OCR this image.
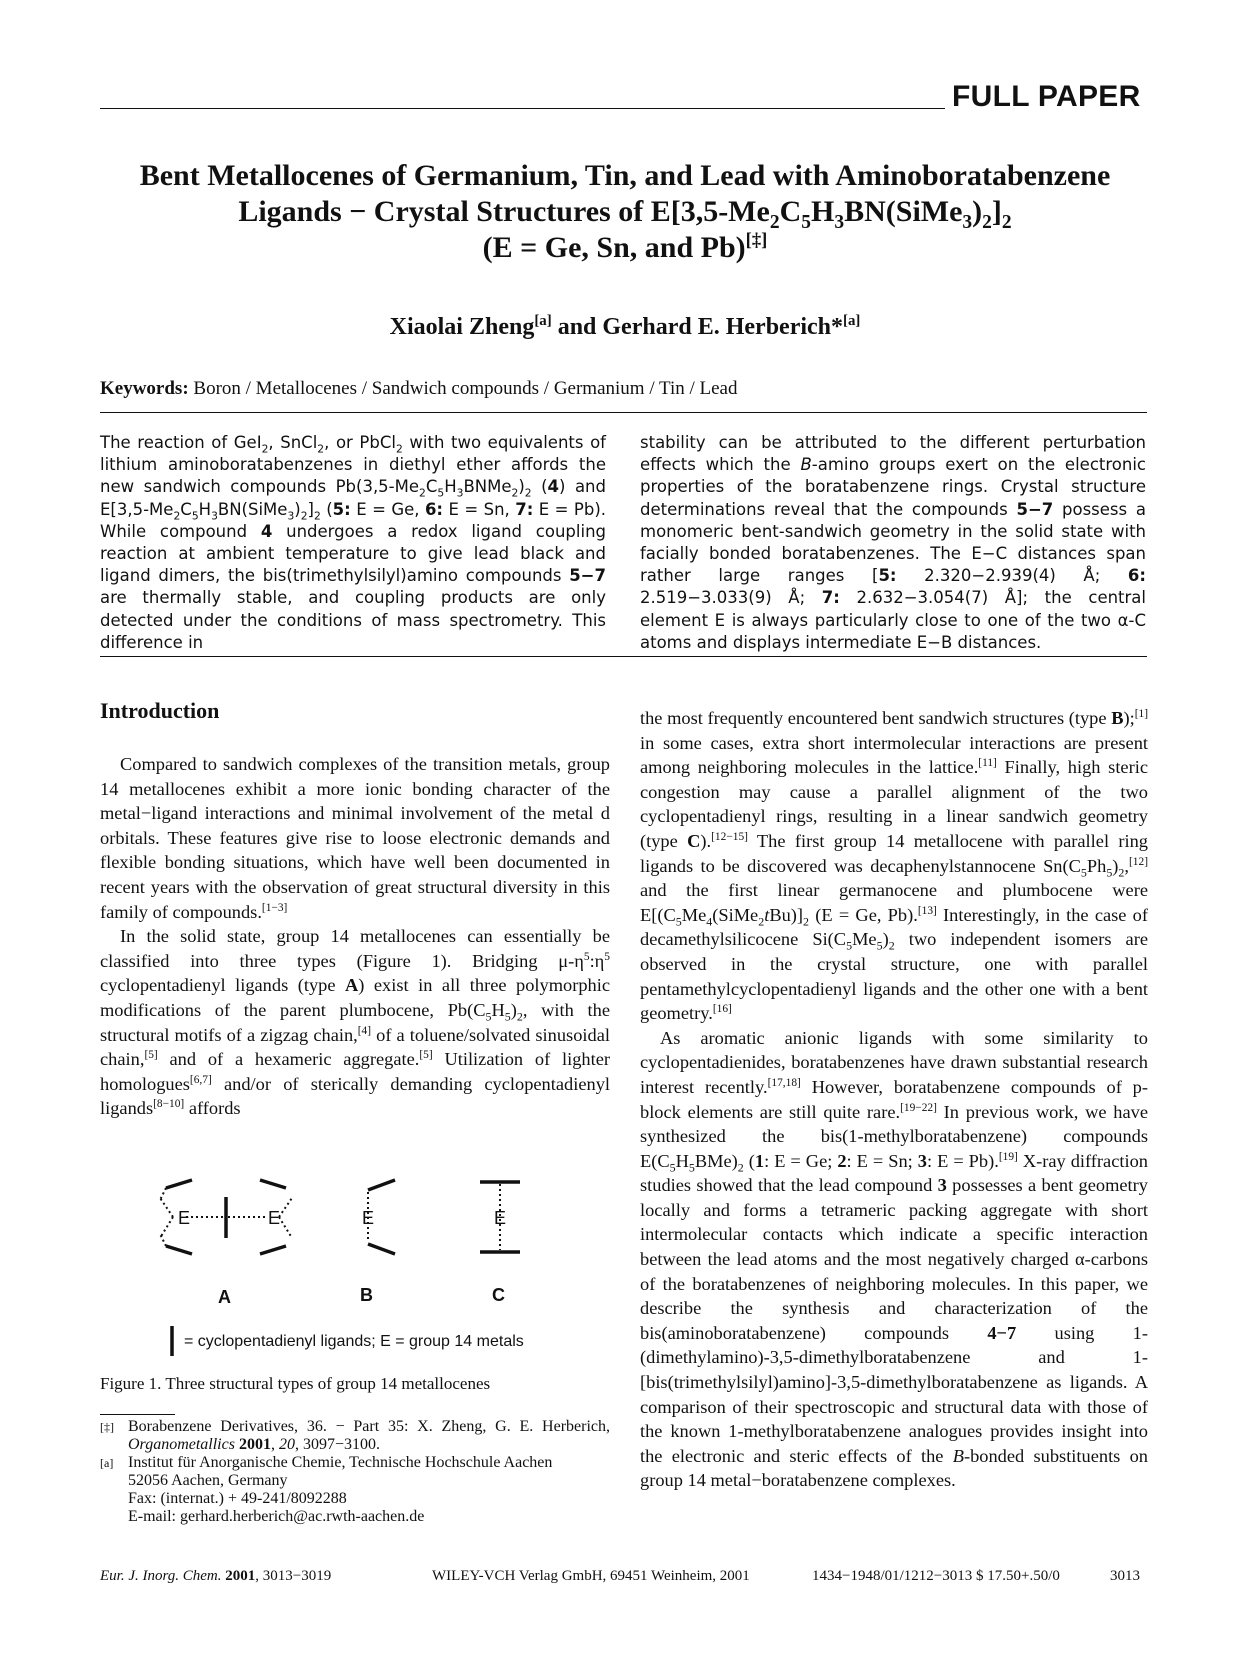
FULL PAPER
Bent Metallocenes of Germanium, Tin, and Lead with Aminoboratabenzene
Ligands − Crystal Structures of $E[3,5-Me_2C_5H_3BN(SiMe_3)_2]_2$
(E = Ge, Sn, and Pb)[‡]
Xiaolai Zheng[a] and Gerhard E. Herberich*[a]
Keywords: Boron / Metallocenes / Sandwich compounds / Germanium / Tin / Lead
The reaction of GeI$_2$, SnCl$_2$, or PbCl$_2$ with two equivalents of lithium aminoboratabenzenes in diethyl ether affords the new sandwich compounds $Pb(3,5-Me_2C_5H_3BNMe_2)_2$ (4) and $E[3,5-Me_2C_5H_3BN(SiMe_3)_2]_2$ (5: E = Ge, 6: E = Sn, 7: E = Pb). While compound 4 undergoes a redox ligand coupling reaction at ambient temperature to give lead black and ligand dimers, the bis(trimethylsilyl)amino compounds 5−7 are thermally stable, and coupling products are only detected under the conditions of mass spectrometry. This difference in
stability can be attributed to the different perturbation effects which the B-amino groups exert on the electronic properties of the boratabenzene rings. Crystal structure determinations reveal that the compounds 5−7 possess a monomeric bent-sandwich geometry in the solid state with facially bonded boratabenzenes. The E−C distances span rather large ranges [5: 2.320−2.939(4) Å; 6: 2.519−3.033(9) Å; 7: 2.632−3.054(7) Å]; the central element E is always particularly close to one of the two α-C atoms and displays intermediate E−B distances.
Introduction

Compared to sandwich complexes of the transition metals, group 14 metallocenes exhibit a more ionic bonding character of the metal−ligand interactions and minimal involvement of the metal d orbitals. These features give rise to loose electronic demands and flexible bonding situations, which have well been documented in recent years with the observation of great structural diversity in this family of compounds.[1−3]

In the solid state, group 14 metallocenes can essentially be classified into three types (Figure 1). Bridging $\mu-\eta^5:\eta^5$ cyclopentadienyl ligands (type A) exist in all three polymorphic modifications of the parent plumbocene, $Pb(C_5H_5)_2$, with the structural motifs of a zigzag chain,[4] of a toluene/solvated sinusoidal chain,[5] and of a hexameric aggregate.[5] Utilization of lighter homologues[6,7] and/or of sterically demanding cyclopentadienyl ligands[8−10] affords

E	E	E	E
A	B	C
= cyclopentadienyl ligands; E = group 14 metals
Figure 1. Three structural types of group 14 metallocenes
[‡] Borabenzene Derivatives, 36. − Part 35: X. Zheng, G. E. Herberich, Organometallics 2001, 20, 3097−3100.
[a] Institut für Anorganische Chemie, Technische Hochschule Aachen
52056 Aachen, Germany
Fax: (internat.) + 49-241/8092288
E-mail: gerhard.herberich@ac.rwth-aachen.de

the most frequently encountered bent sandwich structures (type B);[1] in some cases, extra short intermolecular interactions are present among neighboring molecules in the lattice.[11] Finally, high steric congestion may cause a parallel alignment of the two cyclopentadienyl rings, resulting in a linear sandwich geometry (type C).[12−15] The first group 14 metallocene with parallel ring ligands to be discovered was decaphenylstannocene $Sn(C_5Ph_5)_2,[12]$ and the first linear germanocene and plumbocene were $E[(C_5Me_4(SiMe_2tBu)]_2$ (E = Ge, Pb).[13] Interestingly, in the case of decamethylsilicocene $Si(C_5Me_5)_2$ two independent isomers are observed in the crystal structure, one with parallel pentamethylcyclopentadienyl ligands and the other one with a bent geometry.[16]

As aromatic anionic ligands with some similarity to cyclopentadienides, boratabenzenes have drawn substantial research interest recently.[17,18] However, boratabenzene compounds of p-block elements are still quite rare.[19−22] In previous work, we have synthesized the bis(1-methylboratabenzene) compounds $E(C_5H_5BMe)_2$ (1: E = Ge; 2: E = Sn; 3: E = Pb).[19] X-ray diffraction studies showed that the lead compound 3 possesses a bent geometry locally and forms a tetrameric packing aggregate with short intermolecular contacts which indicate a specific interaction between the lead atoms and the most negatively charged α-carbons of the boratabenzenes of neighboring molecules. In this paper, we describe the synthesis and characterization of the bis(aminoboratabenzene) compounds 4−7 using 1-(dimethylamino)-3,5-dimethylboratabenzene and 1-[bis(trimethylsilyl)amino]-3,5-dimethylboratabenzene as ligands. A comparison of their spectroscopic and structural data with those of the known 1-methylboratabenzene analogues provides insight into the electronic and steric effects of the B-bonded substituents on group 14 metal−boratabenzene complexes.

Eur. J. Inorg. Chem. 2001, 3013−3019	WILEY-VCH Verlag GmbH, 69451 Weinheim, 2001	1434−1948/01/1212−3013 $ 17.50+.50/0	3013
